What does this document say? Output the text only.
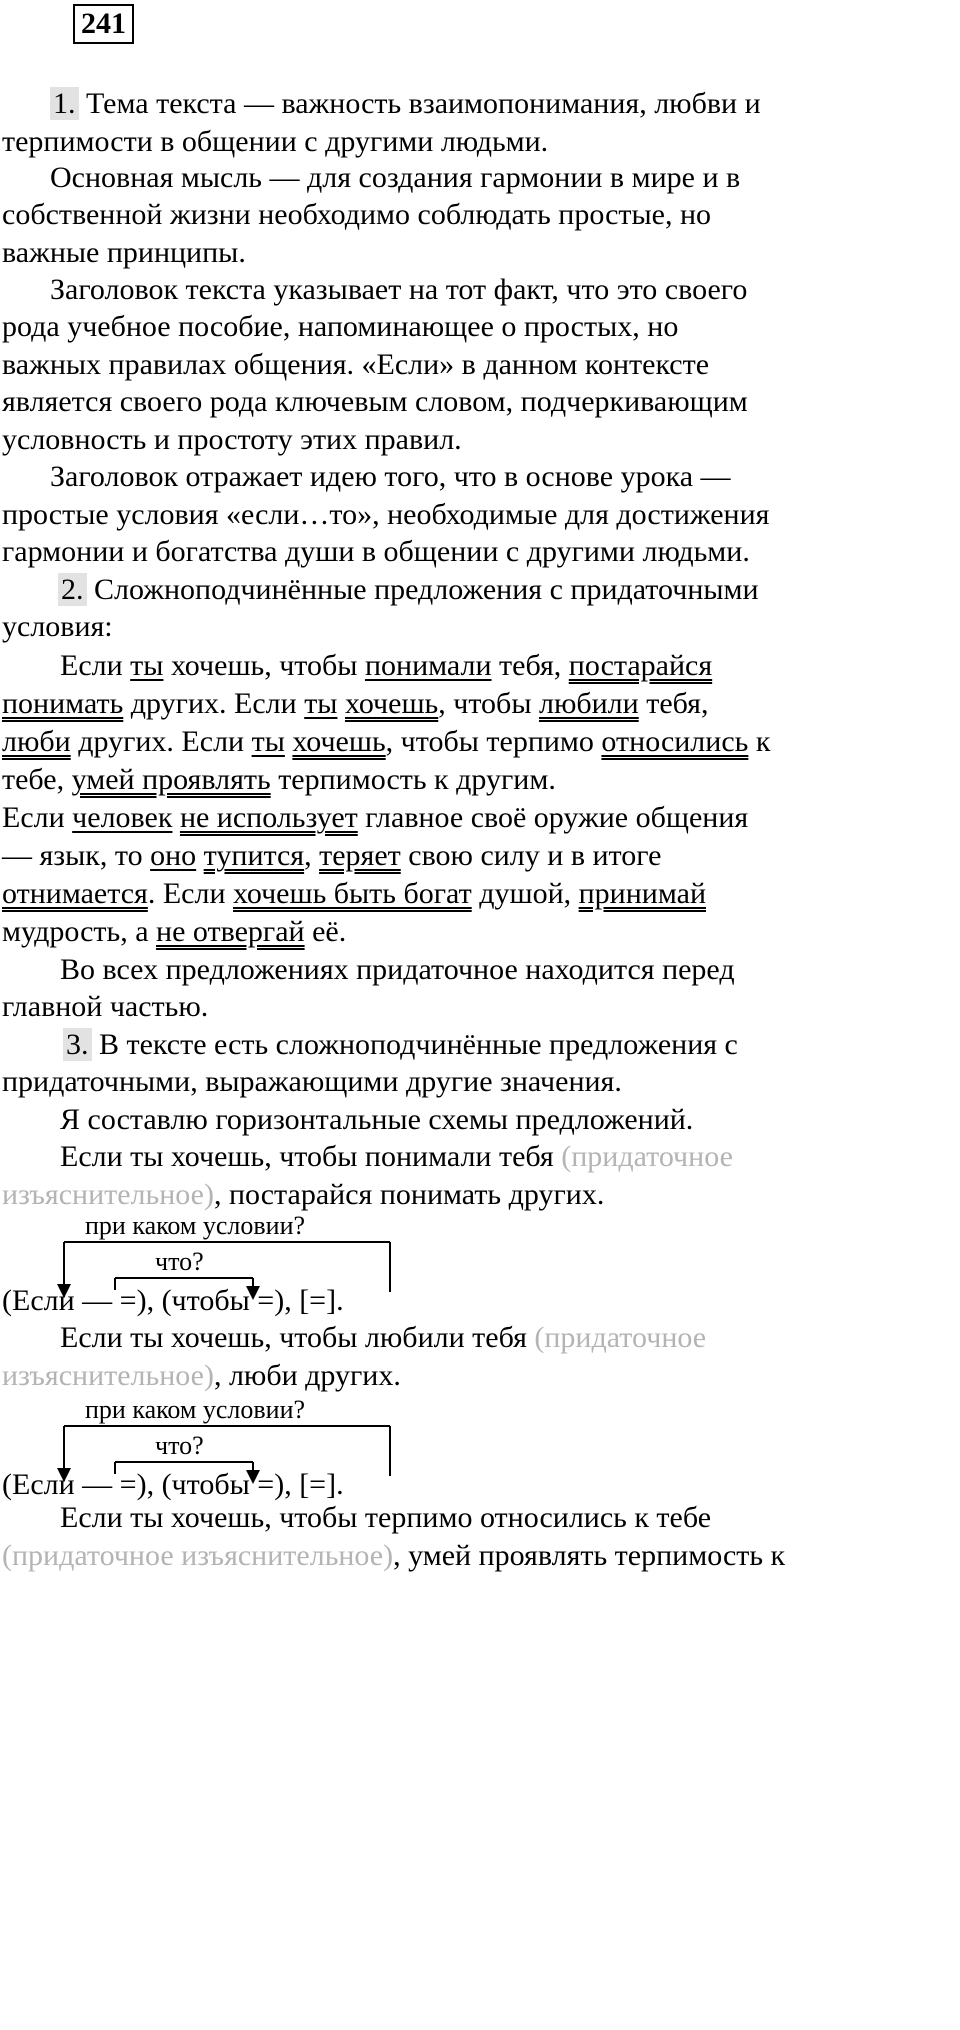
241
1. Тема текста — важность взаимопонимания, любви и
терпимости в общении с другими людьми.
Основная мысль — для создания гармонии в мире и в
собственной жизни необходимо соблюдать простые, но
важные принципы.
Заголовок текста указывает на тот факт, что это своего
рода учебное пособие, напоминающее о простых, но
важных правилах общения. «Если» в данном контексте
является своего рода ключевым словом, подчеркивающим
условность и простоту этих правил.
Заголовок отражает идею того, что в основе урока —
простые условия «если…то», необходимые для достижения
гармонии и богатства души в общении с другими людьми.
2. Сложноподчинённые предложения с придаточными
условия:
Если ты хочешь, чтобы понимали тебя, постарайся
понимать других. Если ты хочешь, чтобы любили тебя,
люби других. Если ты хочешь, чтобы терпимо относились к
тебе, умей проявлять терпимость к другим.
Если человек не использует главное своё оружие общения
— язык, то оно тупится, теряет свою силу и в итоге
отнимается. Если хочешь быть богат душой, принимай
мудрость, а не отвергай её.
Во всех предложениях придаточное находится перед
главной частью.
3. В тексте есть сложноподчинённые предложения с
придаточными, выражающими другие значения.
Я составлю горизонтальные схемы предложений.
Если ты хочешь, чтобы понимали тебя (придаточное
изъяснительное), постарайся понимать других.
при каком условии?
что?
(Если — =), (чтобы =), [=].
Если ты хочешь, чтобы любили тебя (придаточное
изъяснительное), люби других.
при каком условии?
что?
(Если — =), (чтобы =), [=].
Если ты хочешь, чтобы терпимо относились к тебе
(придаточное изъяснительное), умей проявлять терпимость к
